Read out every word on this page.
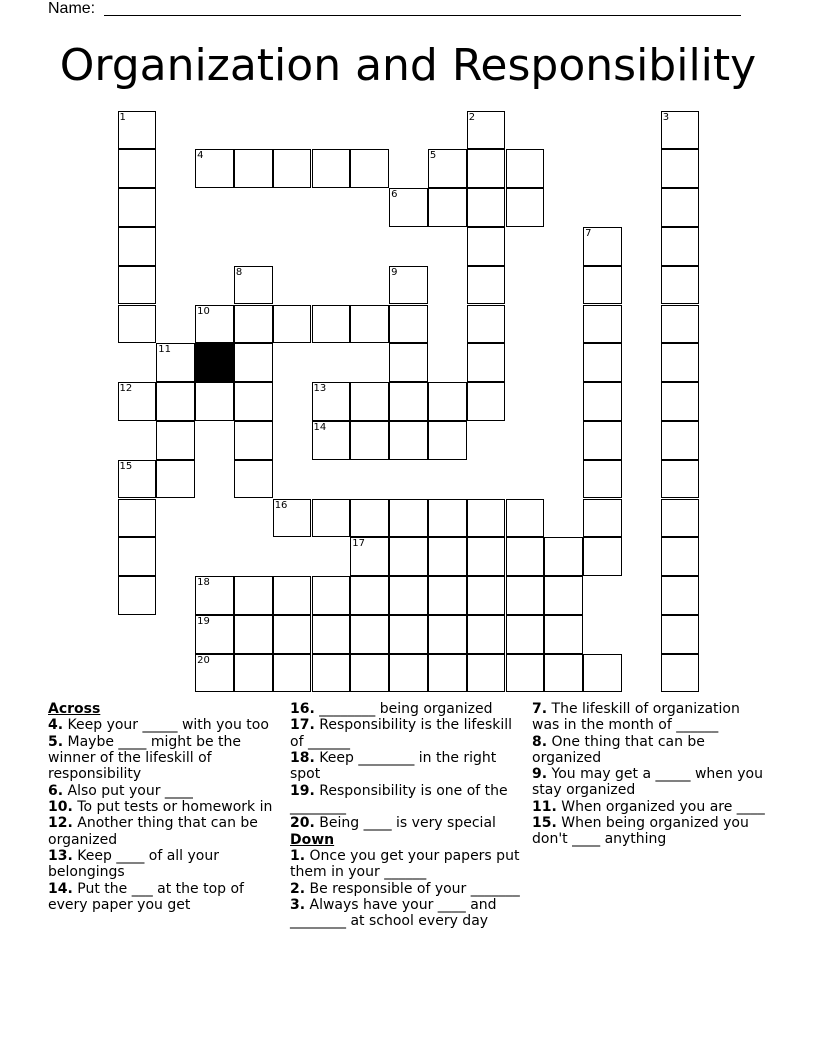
Name:
Organization and Responsibility
1	2	3
4	5
6
7
8	9
10
11
12	13
14
15
16
17
18
19
20

Across

4. Keep your _____ with you too

5. Maybe ____ might be the winner of the lifeskill of responsibility

6. Also put your ____

10. To put tests or homework in

12. Another thing that can be organized

13. Keep ____ of all your belongings

14. Put the ___ at the top of every paper you get

16. ________ being organized

17. Responsibility is the lifeskill of ______

18. Keep ________ in the right spot

19. Responsibility is one of the ________

20. Being ____ is very special

Down

1. Once you get your papers put them in your ______

2. Be responsible of your _______

3. Always have your ____ and ________ at school every day

7. The lifeskill of organization was in the month of ______

8. One thing that can be organized

9. You may get a _____ when you stay organized

11. When organized you are ____

15. When being organized you don't ____ anything
